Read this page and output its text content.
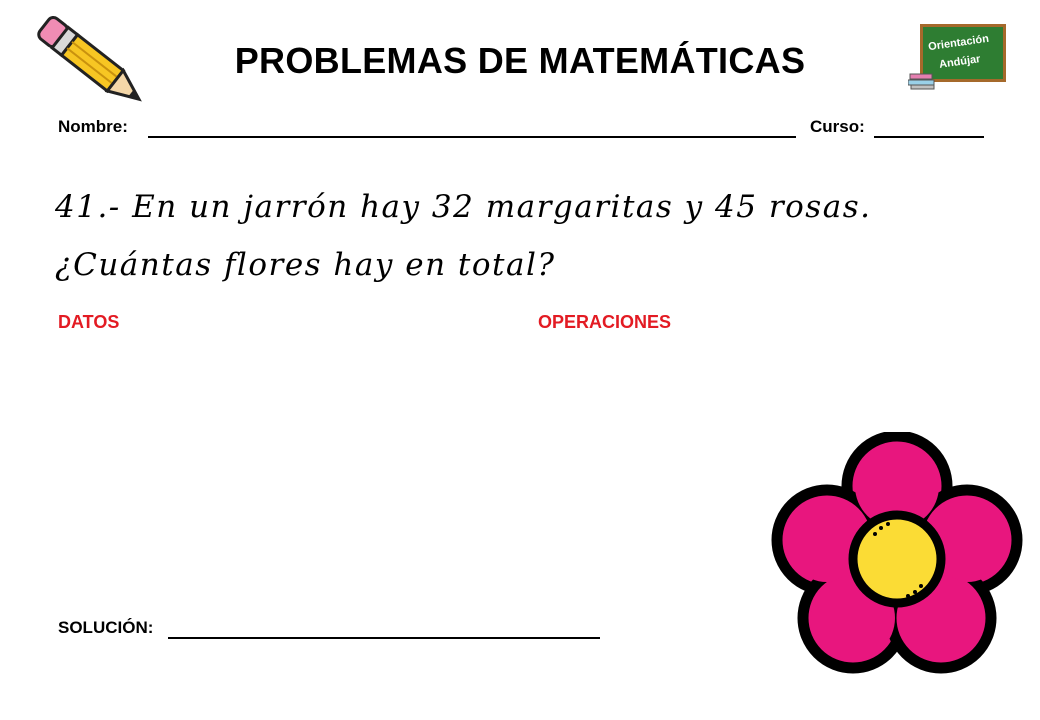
PROBLEMAS DE MATEMÁTICAS	Orientación
Andújar
Nombre:	Curso:
41.- En un jarrón hay 32 margaritas y 45 rosas. ¿Cuántas flores hay en total?
DATOS	OPERACIONES
SOLUCIÓN:
